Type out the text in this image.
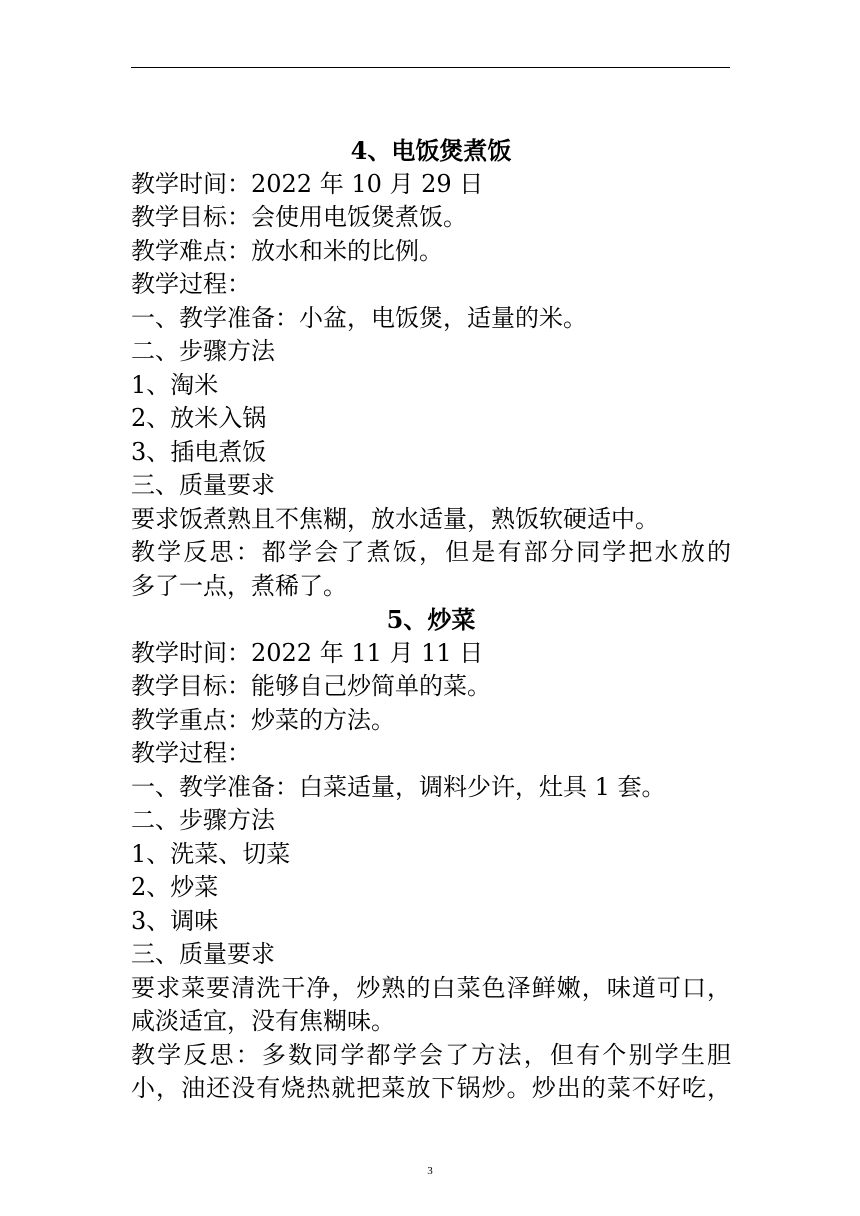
4、电饭煲煮饭
教学时间：2022 年 10 月 29 日
教学目标：会使用电饭煲煮饭。
教学难点：放水和米的比例。
教学过程：
一、教学准备：小盆，电饭煲，适量的米。
二、步骤方法
1、淘米
2、放米入锅
3、插电煮饭
三、质量要求
要求饭煮熟且不焦糊，放水适量，熟饭软硬适中。
教学反思：都学会了煮饭，但是有部分同学把水放的
多了一点，煮稀了。
5、炒菜
教学时间：2022 年 11 月 11 日
教学目标：能够自己炒简单的菜。
教学重点：炒菜的方法。
教学过程：
一、教学准备：白菜适量，调料少许，灶具 1 套。
二、步骤方法
1、洗菜、切菜
2、炒菜
3、调味
三、质量要求
要求菜要清洗干净，炒熟的白菜色泽鲜嫩，味道可口，
咸淡适宜，没有焦糊味。
教学反思：多数同学都学会了方法，但有个别学生胆
小，油还没有烧热就把菜放下锅炒。炒出的菜不好吃，
3
